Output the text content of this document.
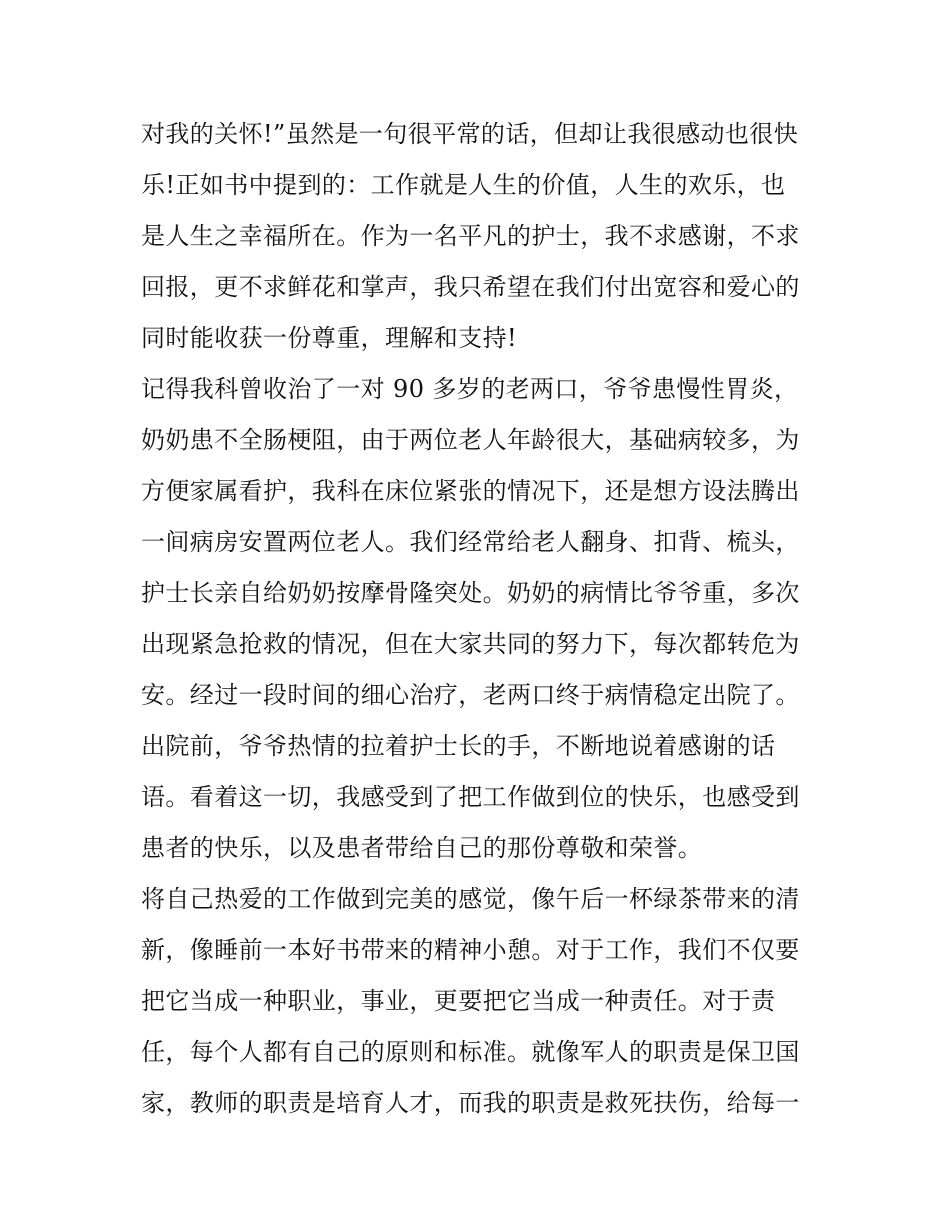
对我的关怀!”虽然是一句很平常的话，但却让我很感动也很快
乐!正如书中提到的：工作就是人生的价值，人生的欢乐，也
是人生之幸福所在。作为一名平凡的护士，我不求感谢，不求
回报，更不求鲜花和掌声，我只希望在我们付出宽容和爱心的
同时能收获一份尊重，理解和支持!
记得我科曾收治了一对 90 多岁的老两口，爷爷患慢性胃炎，
奶奶患不全肠梗阻，由于两位老人年龄很大，基础病较多，为
方便家属看护，我科在床位紧张的情况下，还是想方设法腾出
一间病房安置两位老人。我们经常给老人翻身、扣背、梳头，
护士长亲自给奶奶按摩骨隆突处。奶奶的病情比爷爷重，多次
出现紧急抢救的情况，但在大家共同的努力下，每次都转危为
安。经过一段时间的细心治疗，老两口终于病情稳定出院了。
出院前，爷爷热情的拉着护士长的手，不断地说着感谢的话
语。看着这一切，我感受到了把工作做到位的快乐，也感受到
患者的快乐，以及患者带给自己的那份尊敬和荣誉。
将自己热爱的工作做到完美的感觉，像午后一杯绿茶带来的清
新，像睡前一本好书带来的精神小憩。对于工作，我们不仅要
把它当成一种职业，事业，更要把它当成一种责任。对于责
任，每个人都有自己的原则和标准。就像军人的职责是保卫国
家，教师的职责是培育人才，而我的职责是救死扶伤，给每一
